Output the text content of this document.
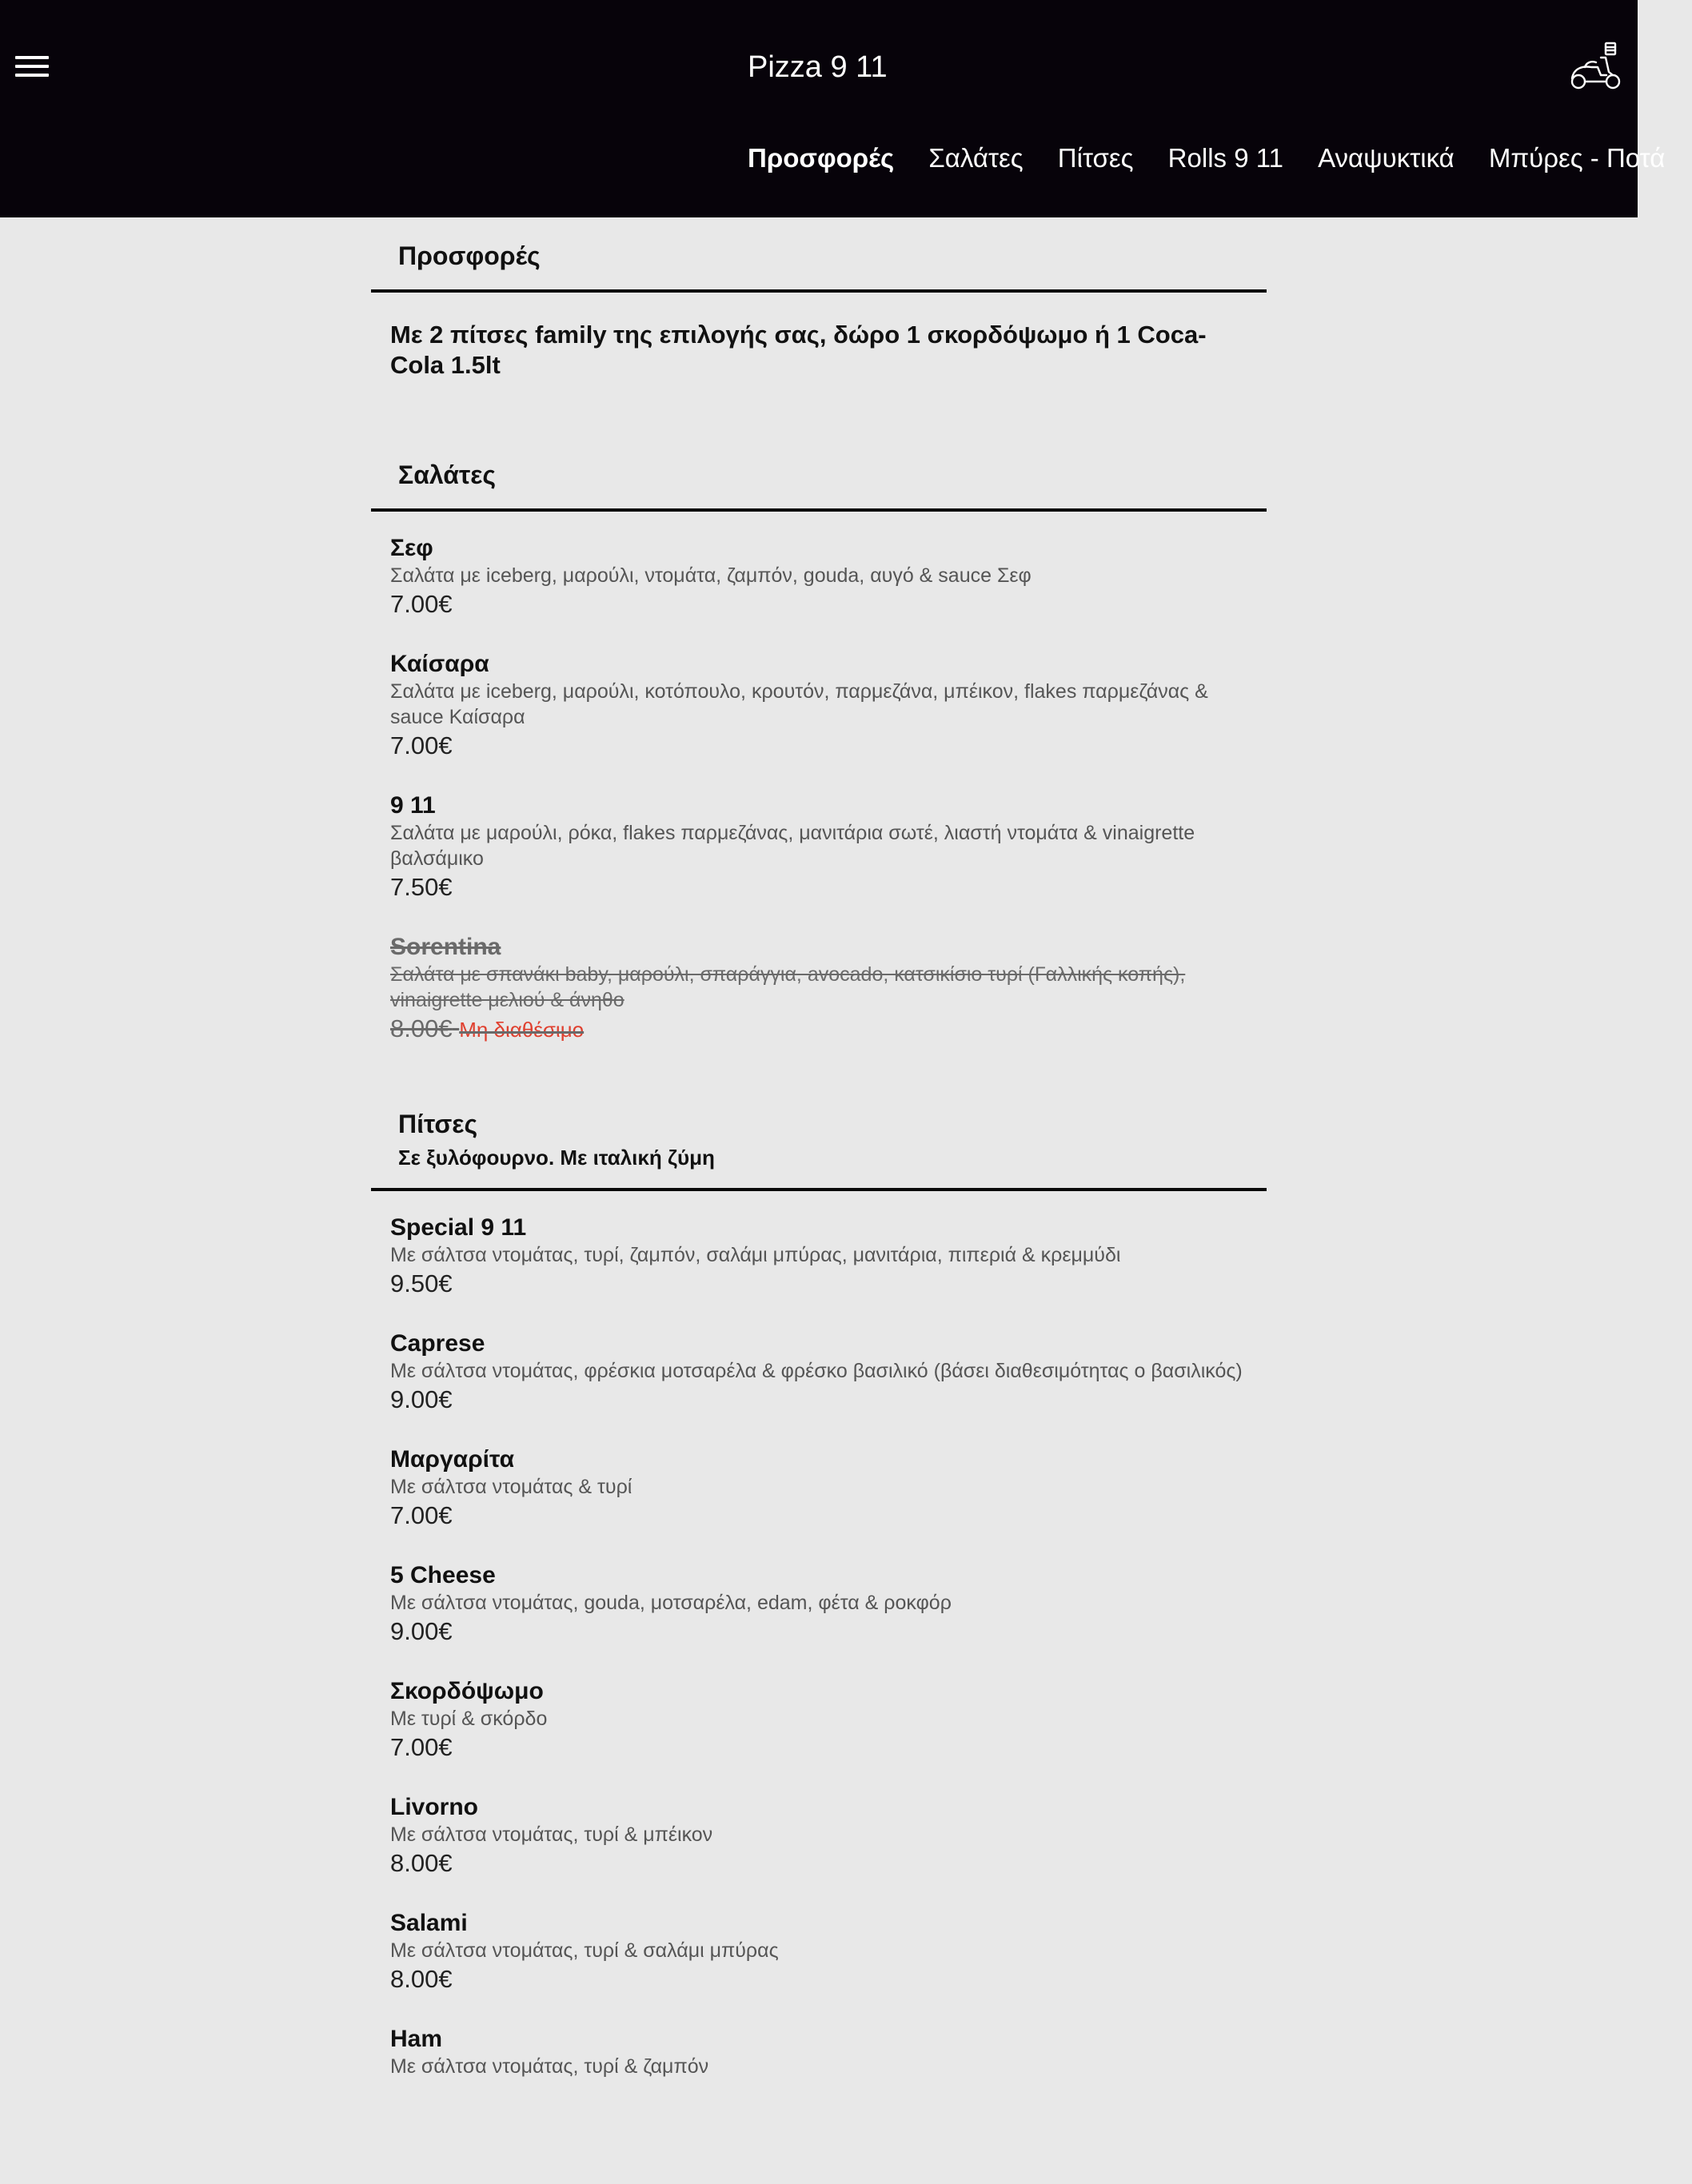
Pizza 9 11
Προσφορές Σαλάτες Πίτσες Rolls 9 11 Αναψυκτικά Μπύρες - Ποτά
Προσφορές
Με 2 πίτσες family της επιλογής σας, δώρο 1 σκορδόψωμο ή 1 Coca-Cola 1.5lt
Σαλάτες
Σεφ
Σαλάτα με iceberg, μαρούλι, ντομάτα, ζαμπόν, gouda, αυγό & sauce Σεφ
7.00€
Καίσαρα
Σαλάτα με iceberg, μαρούλι, κοτόπουλο, κρουτόν, παρμεζάνα, μπέικον, flakes παρμεζάνας & sauce Καίσαρα
7.00€
9 11
Σαλάτα με μαρούλι, ρόκα, flakes παρμεζάνας, μανιτάρια σωτέ, λιαστή ντομάτα & vinaigrette βαλσάμικο
7.50€
Sorentina
Σαλάτα με σπανάκι baby, μαρούλι, σπαράγγια, avocado, κατσικίσιο τυρί (Γαλλικής κοπής), vinaigrette μελιού & άνηθο
8.00€ Μη διαθέσιμο
Πίτσες
Σε ξυλόφουρνο. Με ιταλική ζύμη
Special 9 11
Με σάλτσα ντομάτας, τυρί, ζαμπόν, σαλάμι μπύρας, μανιτάρια, πιπεριά & κρεμμύδι
9.50€
Caprese
Με σάλτσα ντομάτας, φρέσκια μοτσαρέλα & φρέσκο βασιλικό (βάσει διαθεσιμότητας ο βασιλικός)
9.00€
Μαργαρίτα
Με σάλτσα ντομάτας & τυρί
7.00€
5 Cheese
Με σάλτσα ντομάτας, gouda, μοτσαρέλα, edam, φέτα & ροκφόρ
9.00€
Σκορδόψωμο
Με τυρί & σκόρδο
7.00€
Livorno
Με σάλτσα ντομάτας, τυρί & μπέικον
8.00€
Salami
Με σάλτσα ντομάτας, τυρί & σαλάμι μπύρας
8.00€
Ham
Με σάλτσα ντομάτας, τυρί & ζαμπόν
